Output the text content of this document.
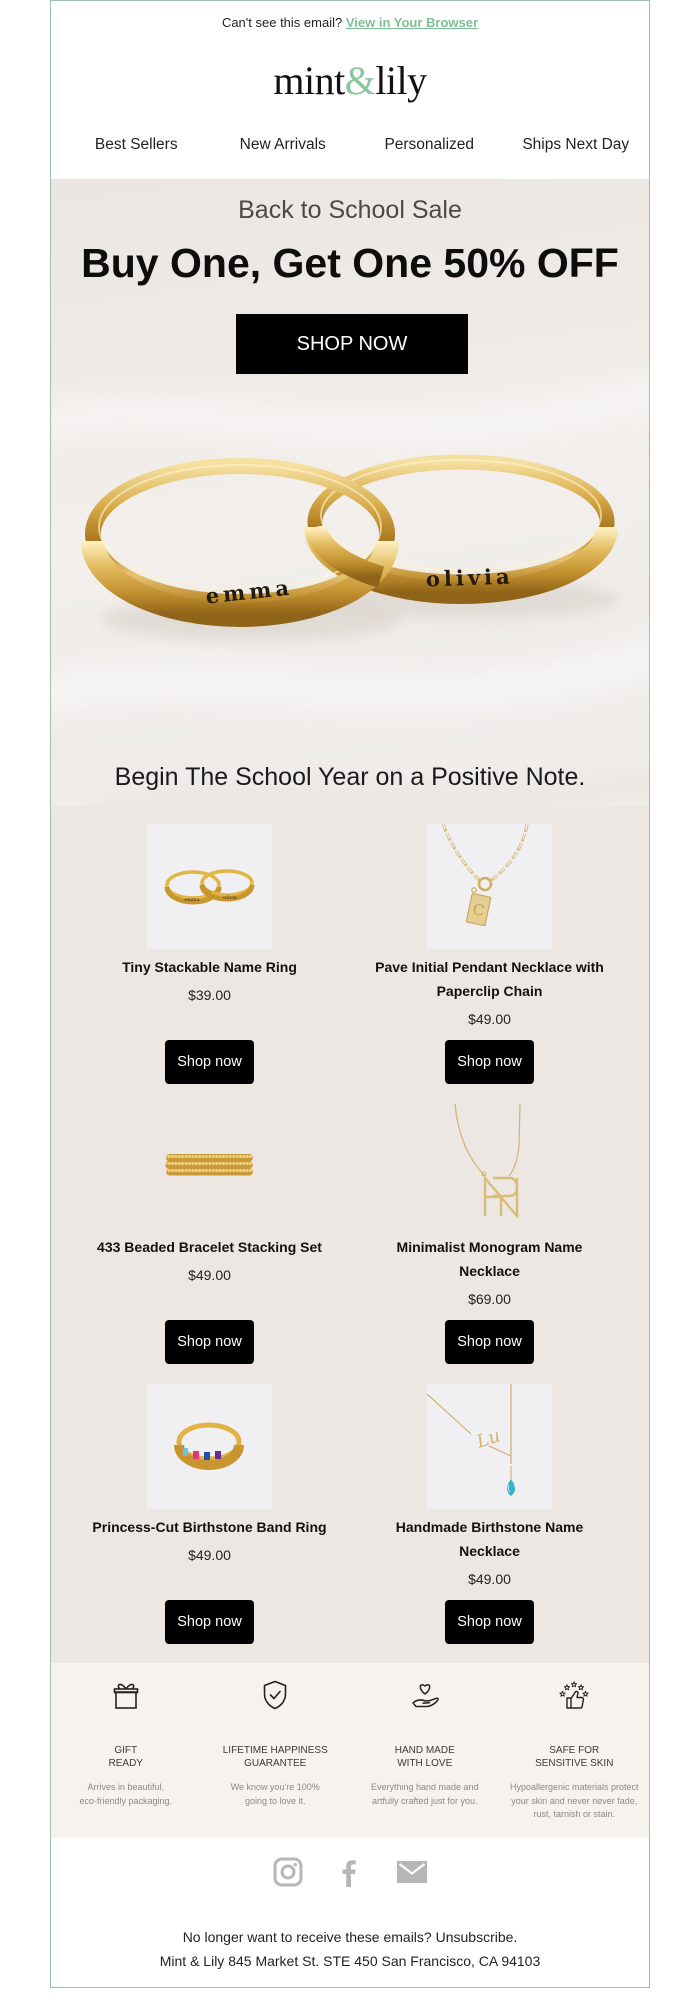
Can't see this email? View in Your Browser
mint&lily
Best Sellers	New Arrivals	Personalized	Ships Next Day
emma	olivia
Back to School Sale
Buy One, Get One 50% OFF
SHOP NOW
Begin The School Year on a Positive Note.
emma	olivia
Tiny Stackable Name Ring
$39.00
Shop now
C
Pave Initial Pendant Necklace with Paperclip Chain
$49.00
Shop now
433 Beaded Bracelet Stacking Set
$49.00
Shop now
Minimalist Monogram Name Necklace
$69.00
Shop now
Princess-Cut Birthstone Band Ring
$49.00
Shop now
Lu
Handmade Birthstone Name Necklace
$49.00
Shop now
GIFT
READY
Arrives in beautiful,
eco-friendly packaging.
LIFETIME HAPPINESS
GUARANTEE
We know you're 100%
going to love it.
HAND MADE
WITH LOVE
Everything hand made and
artfully crafted just for you.
SAFE FOR
SENSITIVE SKIN
Hypoallergenic materials protect
your skin and never never fade,
rust, tarnish or stain.
No longer want to receive these emails? Unsubscribe.
Mint & Lily 845 Market St. STE 450 San Francisco, CA 94103
